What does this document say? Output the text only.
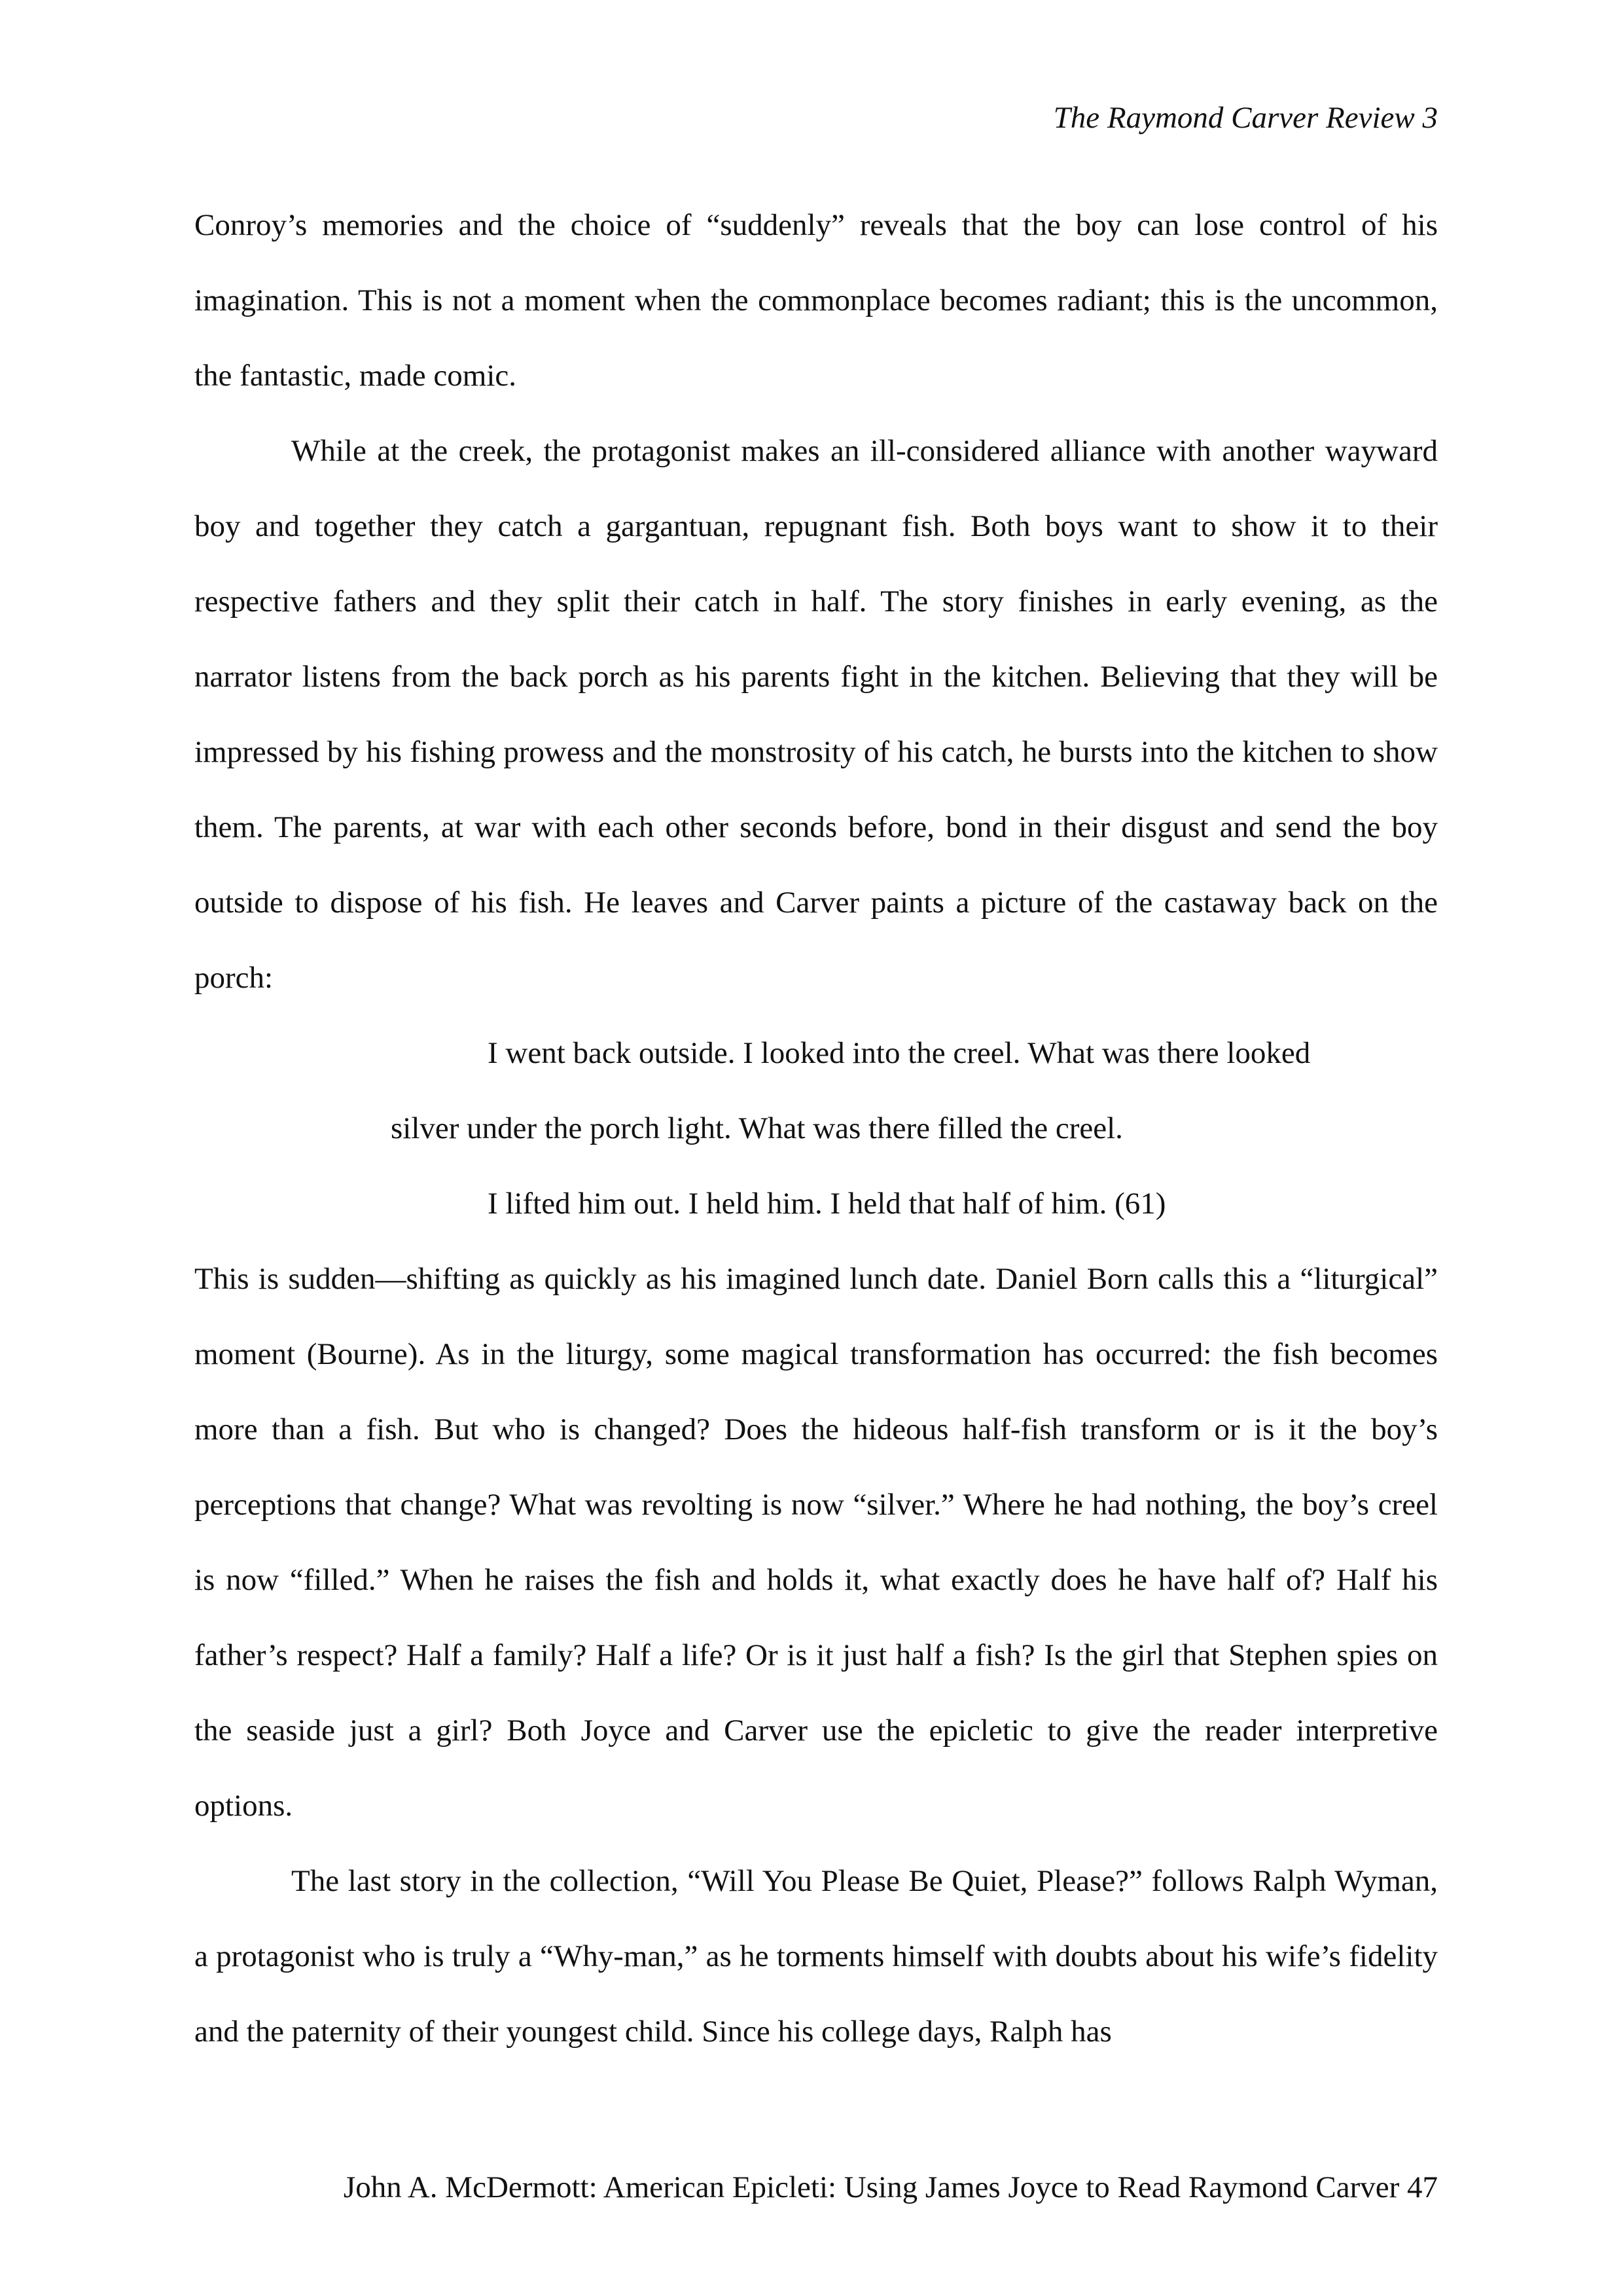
The Raymond Carver Review 3

Conroy’s memories and the choice of “suddenly” reveals that the boy can lose control of his imagination. This is not a moment when the commonplace becomes radiant; this is the uncommon, the fantastic, made comic.

While at the creek, the protagonist makes an ill-considered alliance with another wayward boy and together they catch a gargantuan, repugnant fish. Both boys want to show it to their respective fathers and they split their catch in half. The story finishes in early evening, as the narrator listens from the back porch as his parents fight in the kitchen. Believing that they will be impressed by his fishing prowess and the monstrosity of his catch, he bursts into the kitchen to show them. The parents, at war with each other seconds before, bond in their disgust and send the boy outside to dispose of his fish. He leaves and Carver paints a picture of the castaway back on the porch:

I went back outside. I looked into the creel. What was there looked silver under the porch light. What was there filled the creel.

I lifted him out. I held him. I held that half of him. (61)

This is sudden—shifting as quickly as his imagined lunch date. Daniel Born calls this a “liturgical” moment (Bourne). As in the liturgy, some magical transformation has occurred: the fish becomes more than a fish. But who is changed? Does the hideous half-fish transform or is it the boy’s perceptions that change? What was revolting is now “silver.” Where he had nothing, the boy’s creel is now “filled.” When he raises the fish and holds it, what exactly does he have half of? Half his father’s respect? Half a family? Half a life? Or is it just half a fish? Is the girl that Stephen spies on the seaside just a girl? Both Joyce and Carver use the epicletic to give the reader interpretive options.

The last story in the collection, “Will You Please Be Quiet, Please?” follows Ralph Wyman, a protagonist who is truly a “Why-man,” as he torments himself with doubts about his wife’s fidelity and the paternity of their youngest child. Since his college days, Ralph has

John A. McDermott: American Epicleti: Using James Joyce to Read Raymond Carver 47
